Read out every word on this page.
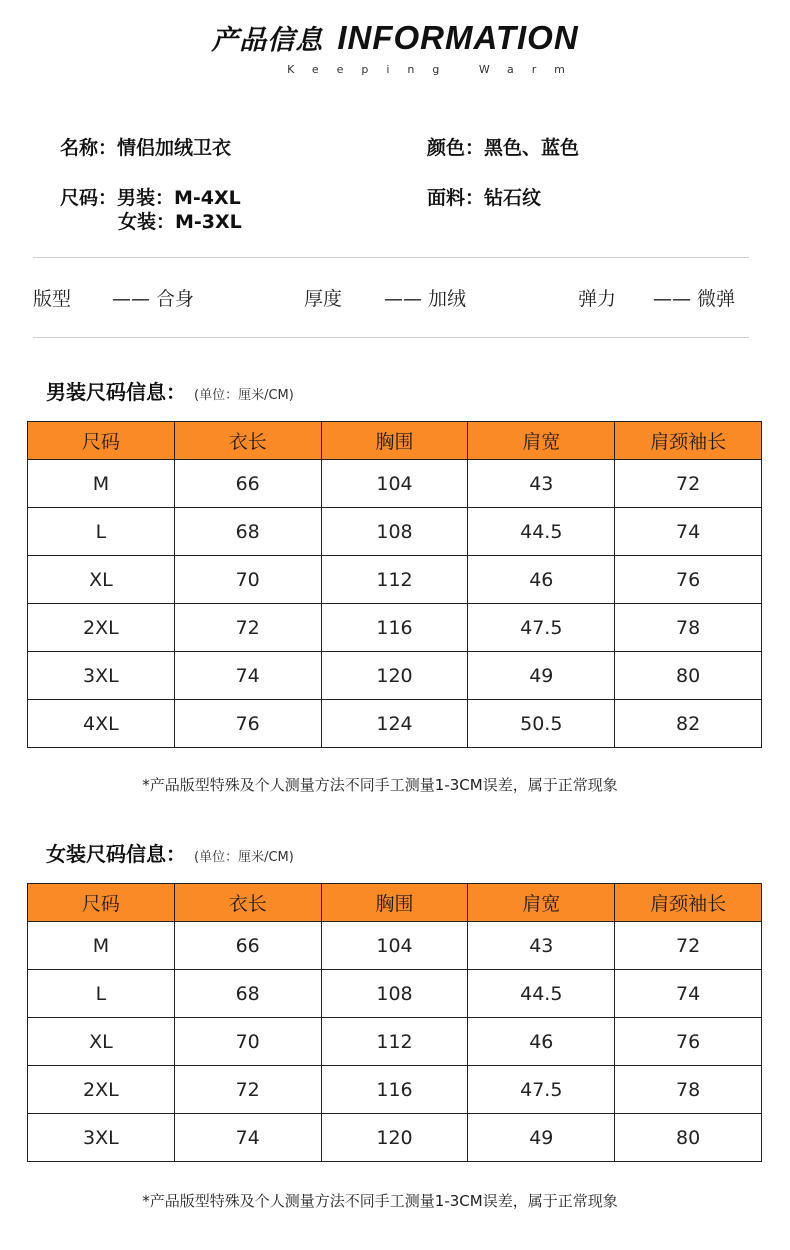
产品信息 INFORMATION
Keeping Warm
名称：情侣加绒卫衣	颜色：黑色、蓝色
尺码：男装：M-4XL
女装：M-3XL
面料：钻石纹
版型 —— 合身	厚度 —— 加绒	弹力 —— 微弹
男装尺码信息： (单位：厘米/CM)
尺码	衣长	胸围	肩宽	肩颈袖长
M	66	104	43	72
L	68	108	44.5	74
XL	70	112	46	76
2XL	72	116	47.5	78
3XL	74	120	49	80
4XL	76	124	50.5	82
*产品版型特殊及个人测量方法不同手工测量1-3CM误差，属于正常现象
女装尺码信息： (单位：厘米/CM)
尺码	衣长	胸围	肩宽	肩颈袖长
M	66	104	43	72
L	68	108	44.5	74
XL	70	112	46	76
2XL	72	116	47.5	78
3XL	74	120	49	80
*产品版型特殊及个人测量方法不同手工测量1-3CM误差，属于正常现象
